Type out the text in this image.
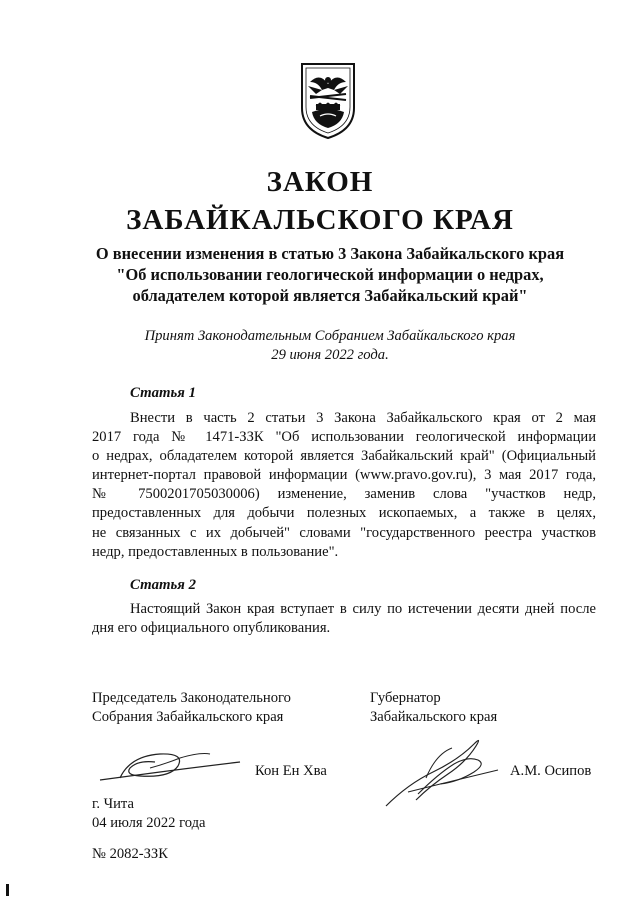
ЗАКОН
ЗАБАЙКАЛЬСКОГО КРАЯ
О внесении изменения в статью 3 Закона Забайкальского края
"Об использовании геологической информации о недрах,
обладателем которой является Забайкальский край"
Принят Законодательным Собранием Забайкальского края
29 июня 2022 года.
Статья 1
Внести в часть 2 статьи 3 Закона Забайкальского края от 2 мая
2017 года № 1471-ЗЗК "Об использовании геологической информации
о недрах, обладателем которой является Забайкальский край" (Официальный
интернет-портал правовой информации (www.pravo.gov.ru), 3 мая 2017 года,
№ 7500201705030006) изменение, заменив слова "участков недр,
предоставленных для добычи полезных ископаемых, а также в целях,
не связанных с их добычей" словами "государственного реестра участков
недр, предоставленных в пользование".
Статья 2
Настоящий Закон края вступает в силу по истечении десяти дней после
дня его официального опубликования.
Председатель Законодательного
Собрания Забайкальского края
Губернатор
Забайкальского края
Кон Ен Хва	А.М. Осипов
г. Чита
04 июля 2022 года
№ 2082-ЗЗК
